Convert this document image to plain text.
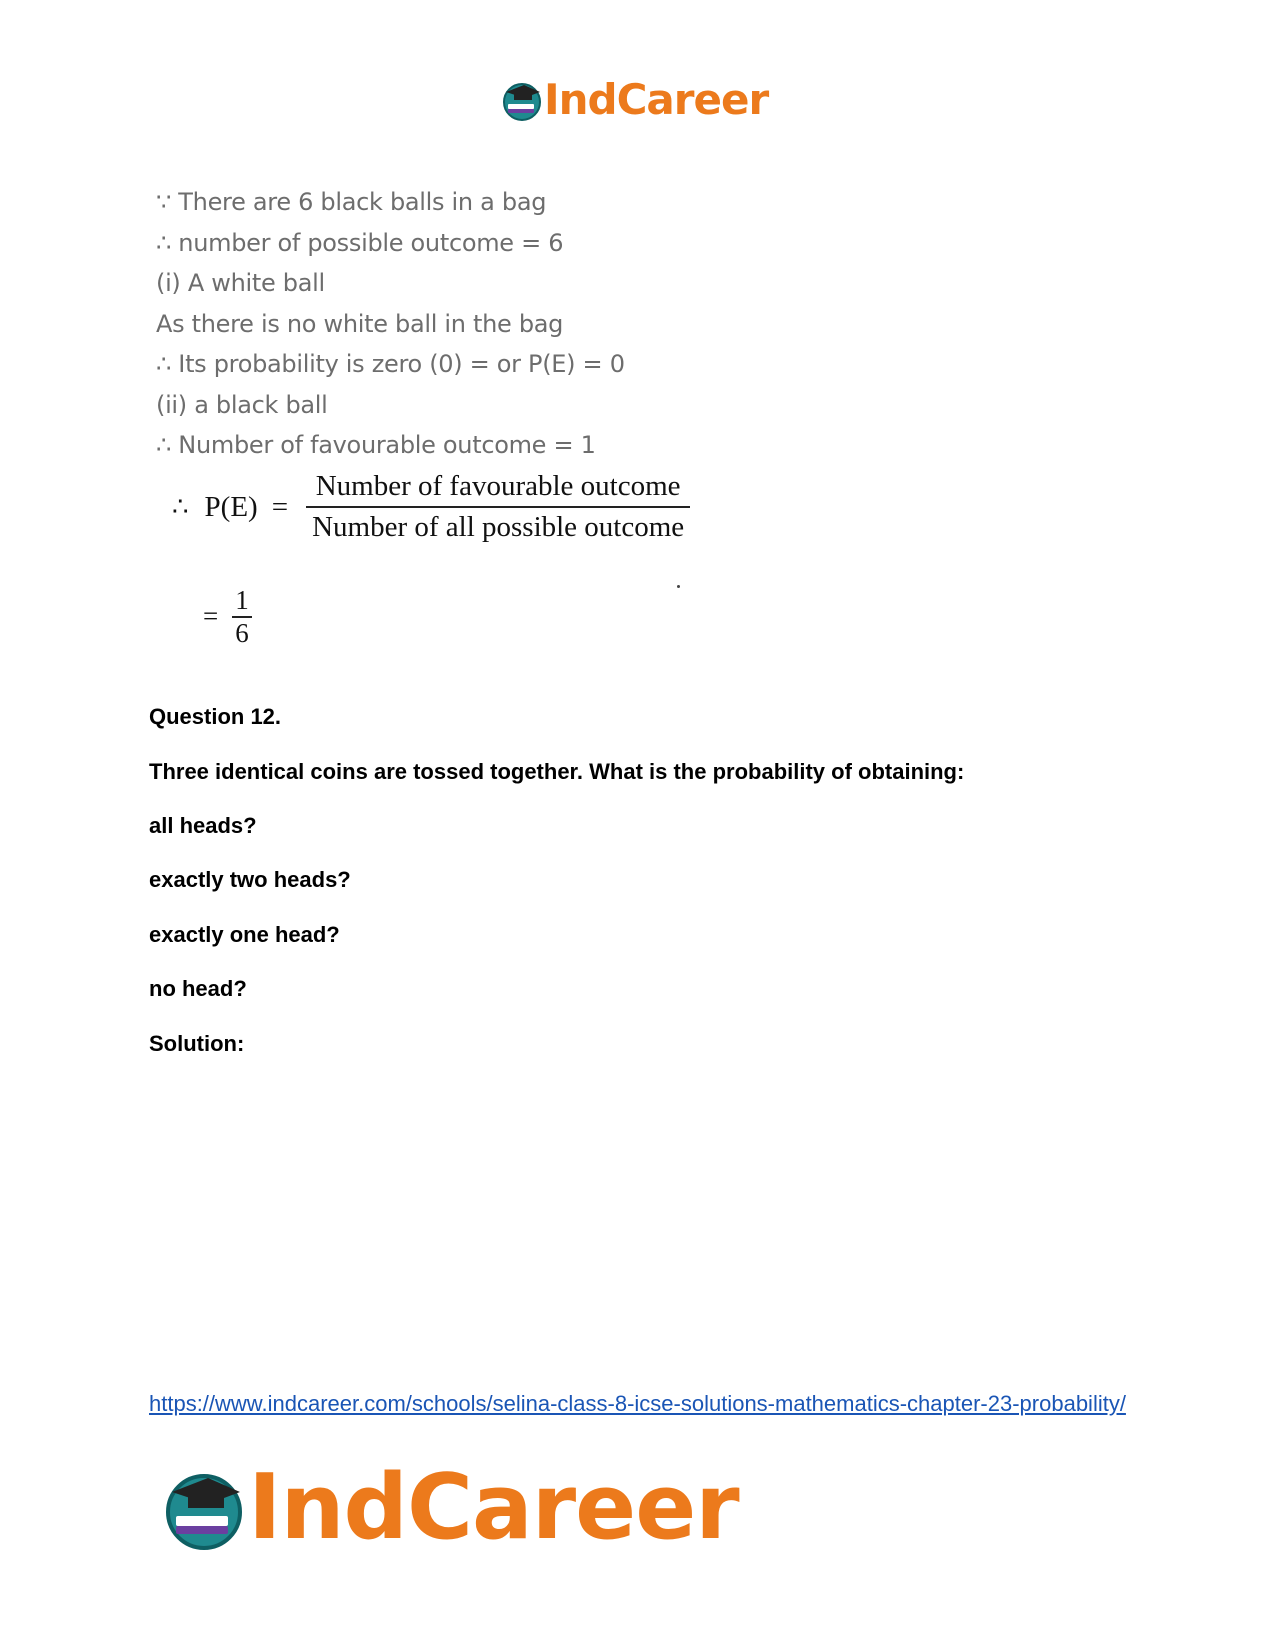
IndCareer
∵ There are 6 black balls in a bag
∴ number of possible outcome = 6
(i) A white ball
As there is no white ball in the bag
∴ Its probability is zero (0) = or P(E) = 0
(ii) a black ball
∴ Number of favourable outcome = 1
∴ $P(E) = \frac{\text{Number of favourable outcome}}{\text{Number of all possible outcome}}$
= $\frac{1}{6}$
Question 12.
Three identical coins are tossed together. What is the probability of obtaining:
all heads?
exactly two heads?
exactly one head?
no head?
Solution:
https://www.indcareer.com/schools/selina-class-8-icse-solutions-mathematics-chapter-23-probability/
IndCareer
